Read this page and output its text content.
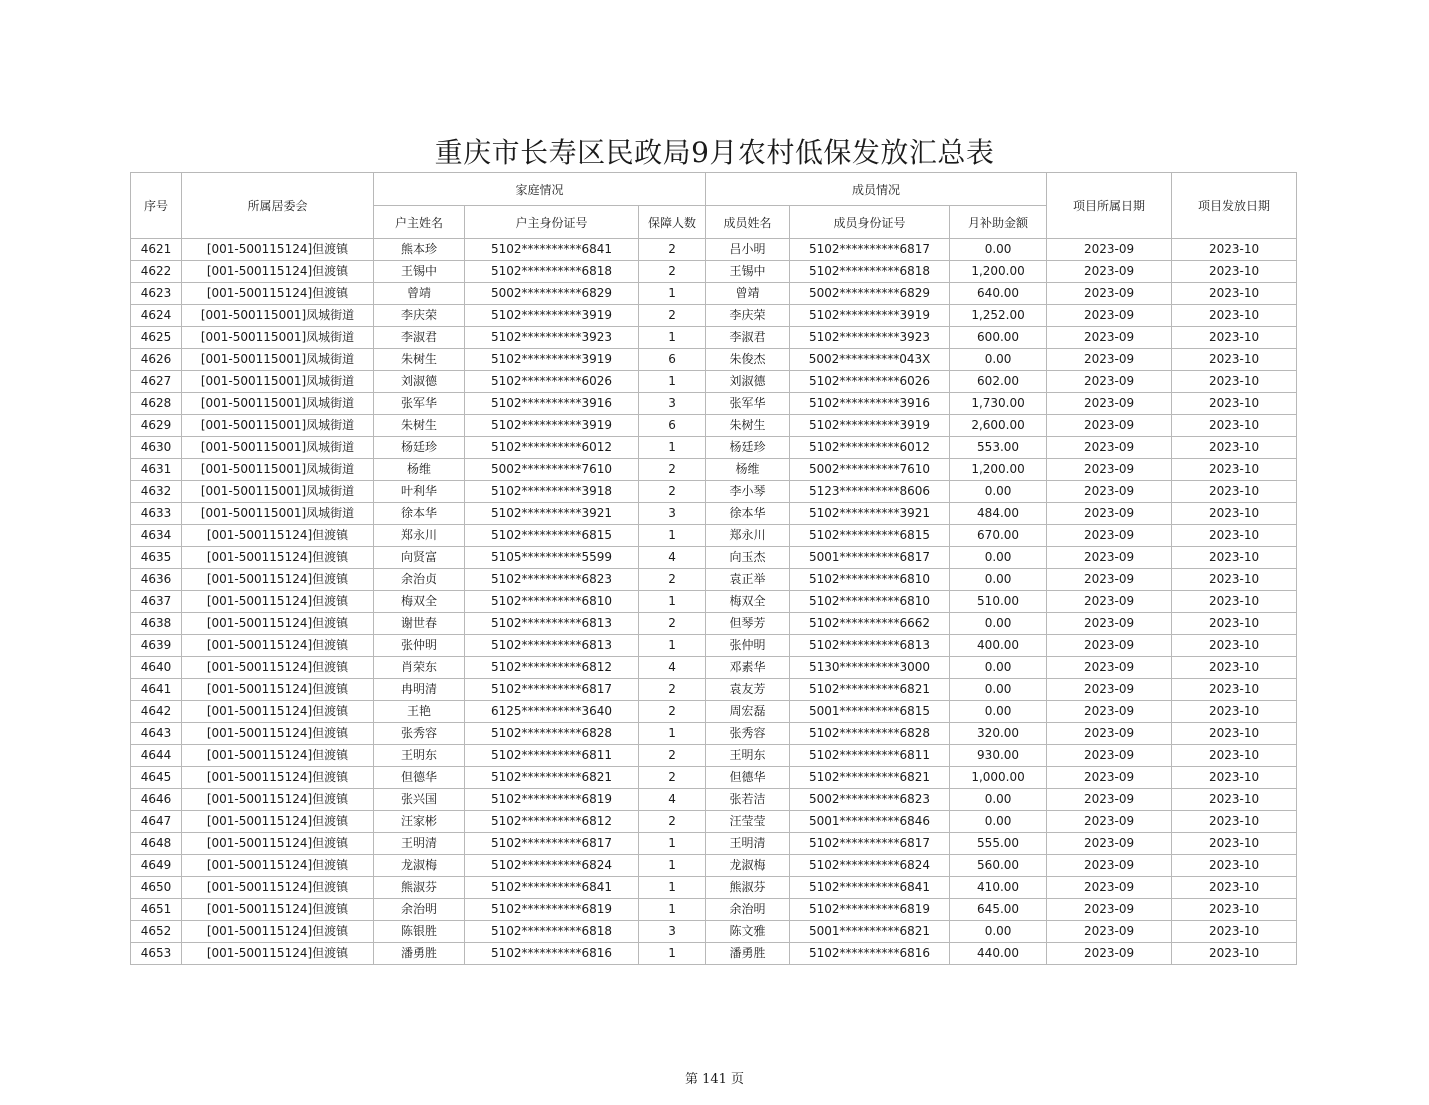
重庆市长寿区民政局9月农村低保发放汇总表
序号	所属居委会	家庭情况			成员情况			项目所属日期	项目发放日期
		户主姓名	户主身份证号	保障人数	成员姓名	成员身份证号	月补助金额		
4621	[001-500115124]但渡镇	熊本珍	5102**********6841	2	吕小明	5102**********6817	0.00	2023-09	2023-10
4622	[001-500115124]但渡镇	王锡中	5102**********6818	2	王锡中	5102**********6818	1,200.00	2023-09	2023-10
4623	[001-500115124]但渡镇	曾靖	5002**********6829	1	曾靖	5002**********6829	640.00	2023-09	2023-10
4624	[001-500115001]凤城街道	李庆荣	5102**********3919	2	李庆荣	5102**********3919	1,252.00	2023-09	2023-10
4625	[001-500115001]凤城街道	李淑君	5102**********3923	1	李淑君	5102**********3923	600.00	2023-09	2023-10
4626	[001-500115001]凤城街道	朱树生	5102**********3919	6	朱俊杰	5002**********043X	0.00	2023-09	2023-10
4627	[001-500115001]凤城街道	刘淑德	5102**********6026	1	刘淑德	5102**********6026	602.00	2023-09	2023-10
4628	[001-500115001]凤城街道	张军华	5102**********3916	3	张军华	5102**********3916	1,730.00	2023-09	2023-10
4629	[001-500115001]凤城街道	朱树生	5102**********3919	6	朱树生	5102**********3919	2,600.00	2023-09	2023-10
4630	[001-500115001]凤城街道	杨廷珍	5102**********6012	1	杨廷珍	5102**********6012	553.00	2023-09	2023-10
4631	[001-500115001]凤城街道	杨维	5002**********7610	2	杨维	5002**********7610	1,200.00	2023-09	2023-10
4632	[001-500115001]凤城街道	叶利华	5102**********3918	2	李小琴	5123**********8606	0.00	2023-09	2023-10
4633	[001-500115001]凤城街道	徐本华	5102**********3921	3	徐本华	5102**********3921	484.00	2023-09	2023-10
4634	[001-500115124]但渡镇	郑永川	5102**********6815	1	郑永川	5102**********6815	670.00	2023-09	2023-10
4635	[001-500115124]但渡镇	向贤富	5105**********5599	4	向玉杰	5001**********6817	0.00	2023-09	2023-10
4636	[001-500115124]但渡镇	余治贞	5102**********6823	2	袁正举	5102**********6810	0.00	2023-09	2023-10
4637	[001-500115124]但渡镇	梅双全	5102**********6810	1	梅双全	5102**********6810	510.00	2023-09	2023-10
4638	[001-500115124]但渡镇	谢世春	5102**********6813	2	但琴芳	5102**********6662	0.00	2023-09	2023-10
4639	[001-500115124]但渡镇	张仲明	5102**********6813	1	张仲明	5102**********6813	400.00	2023-09	2023-10
4640	[001-500115124]但渡镇	肖荣东	5102**********6812	4	邓素华	5130**********3000	0.00	2023-09	2023-10
4641	[001-500115124]但渡镇	冉明清	5102**********6817	2	袁友芳	5102**********6821	0.00	2023-09	2023-10
4642	[001-500115124]但渡镇	王艳	6125**********3640	2	周宏磊	5001**********6815	0.00	2023-09	2023-10
4643	[001-500115124]但渡镇	张秀容	5102**********6828	1	张秀容	5102**********6828	320.00	2023-09	2023-10
4644	[001-500115124]但渡镇	王明东	5102**********6811	2	王明东	5102**********6811	930.00	2023-09	2023-10
4645	[001-500115124]但渡镇	但德华	5102**********6821	2	但德华	5102**********6821	1,000.00	2023-09	2023-10
4646	[001-500115124]但渡镇	张兴国	5102**********6819	4	张若洁	5002**********6823	0.00	2023-09	2023-10
4647	[001-500115124]但渡镇	汪家彬	5102**********6812	2	汪莹莹	5001**********6846	0.00	2023-09	2023-10
4648	[001-500115124]但渡镇	王明清	5102**********6817	1	王明清	5102**********6817	555.00	2023-09	2023-10
4649	[001-500115124]但渡镇	龙淑梅	5102**********6824	1	龙淑梅	5102**********6824	560.00	2023-09	2023-10
4650	[001-500115124]但渡镇	熊淑芬	5102**********6841	1	熊淑芬	5102**********6841	410.00	2023-09	2023-10
4651	[001-500115124]但渡镇	余治明	5102**********6819	1	余治明	5102**********6819	645.00	2023-09	2023-10
4652	[001-500115124]但渡镇	陈银胜	5102**********6818	3	陈文雅	5001**********6821	0.00	2023-09	2023-10
4653	[001-500115124]但渡镇	潘勇胜	5102**********6816	1	潘勇胜	5102**********6816	440.00	2023-09	2023-10
第 141 页
